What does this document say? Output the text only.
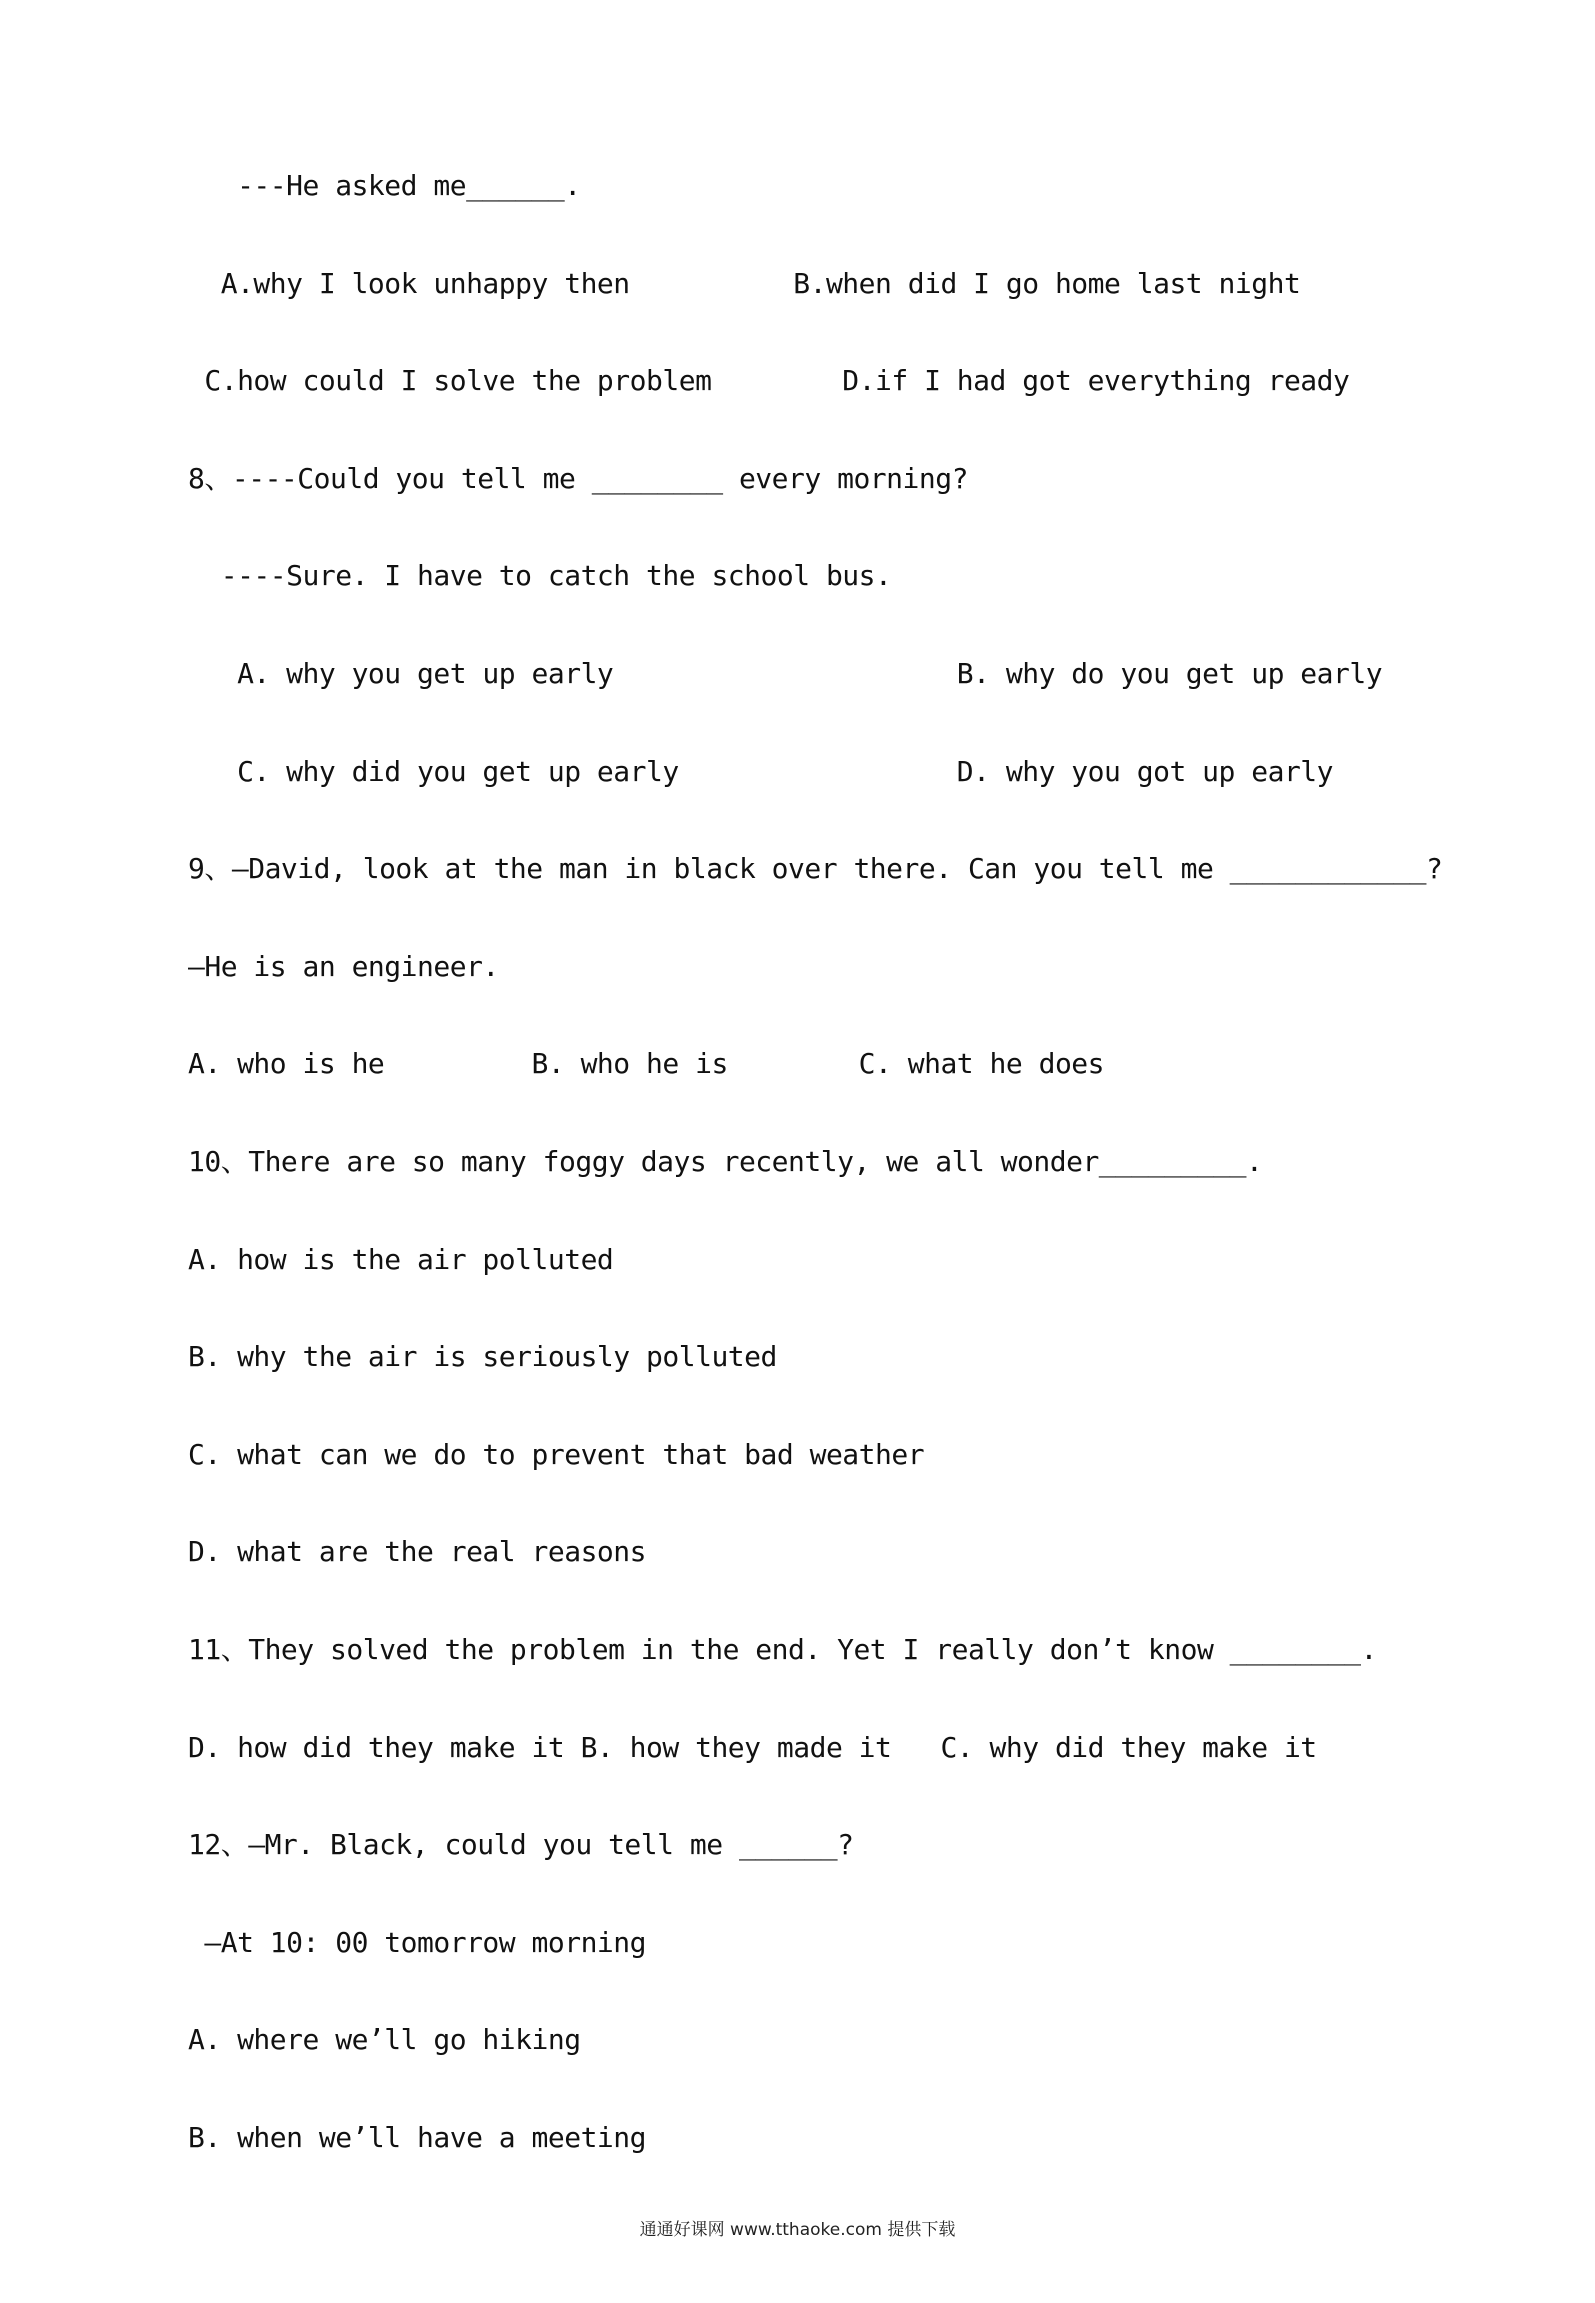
---He asked me______.

A.why I look unhappy then          B.when did I go home last night

C.how could I solve the problem        D.if I had got everything ready

8、----Could you tell me ________ every morning?

----Sure. I have to catch the school bus.

A. why you get up early                     B. why do you get up early

C. why did you get up early                 D. why you got up early

9、—David, look at the man in black over there. Can you tell me ____________?

—He is an engineer.

A. who is he         B. who he is        C. what he does

10、There are so many foggy days recently, we all wonder_________.

A. how is the air polluted

B. why the air is seriously polluted

C. what can we do to prevent that bad weather

D. what are the real reasons

11、They solved the problem in the end. Yet I really don’t know ________.

D. how did they make it B. how they made it   C. why did they make it

12、–Mr. Black, could you tell me ______?

–At 10: 00 tomorrow morning

A. where we’ll go hiking

B. when we’ll have a meeting

通通好课网 www.tthaoke.com 提供下载
